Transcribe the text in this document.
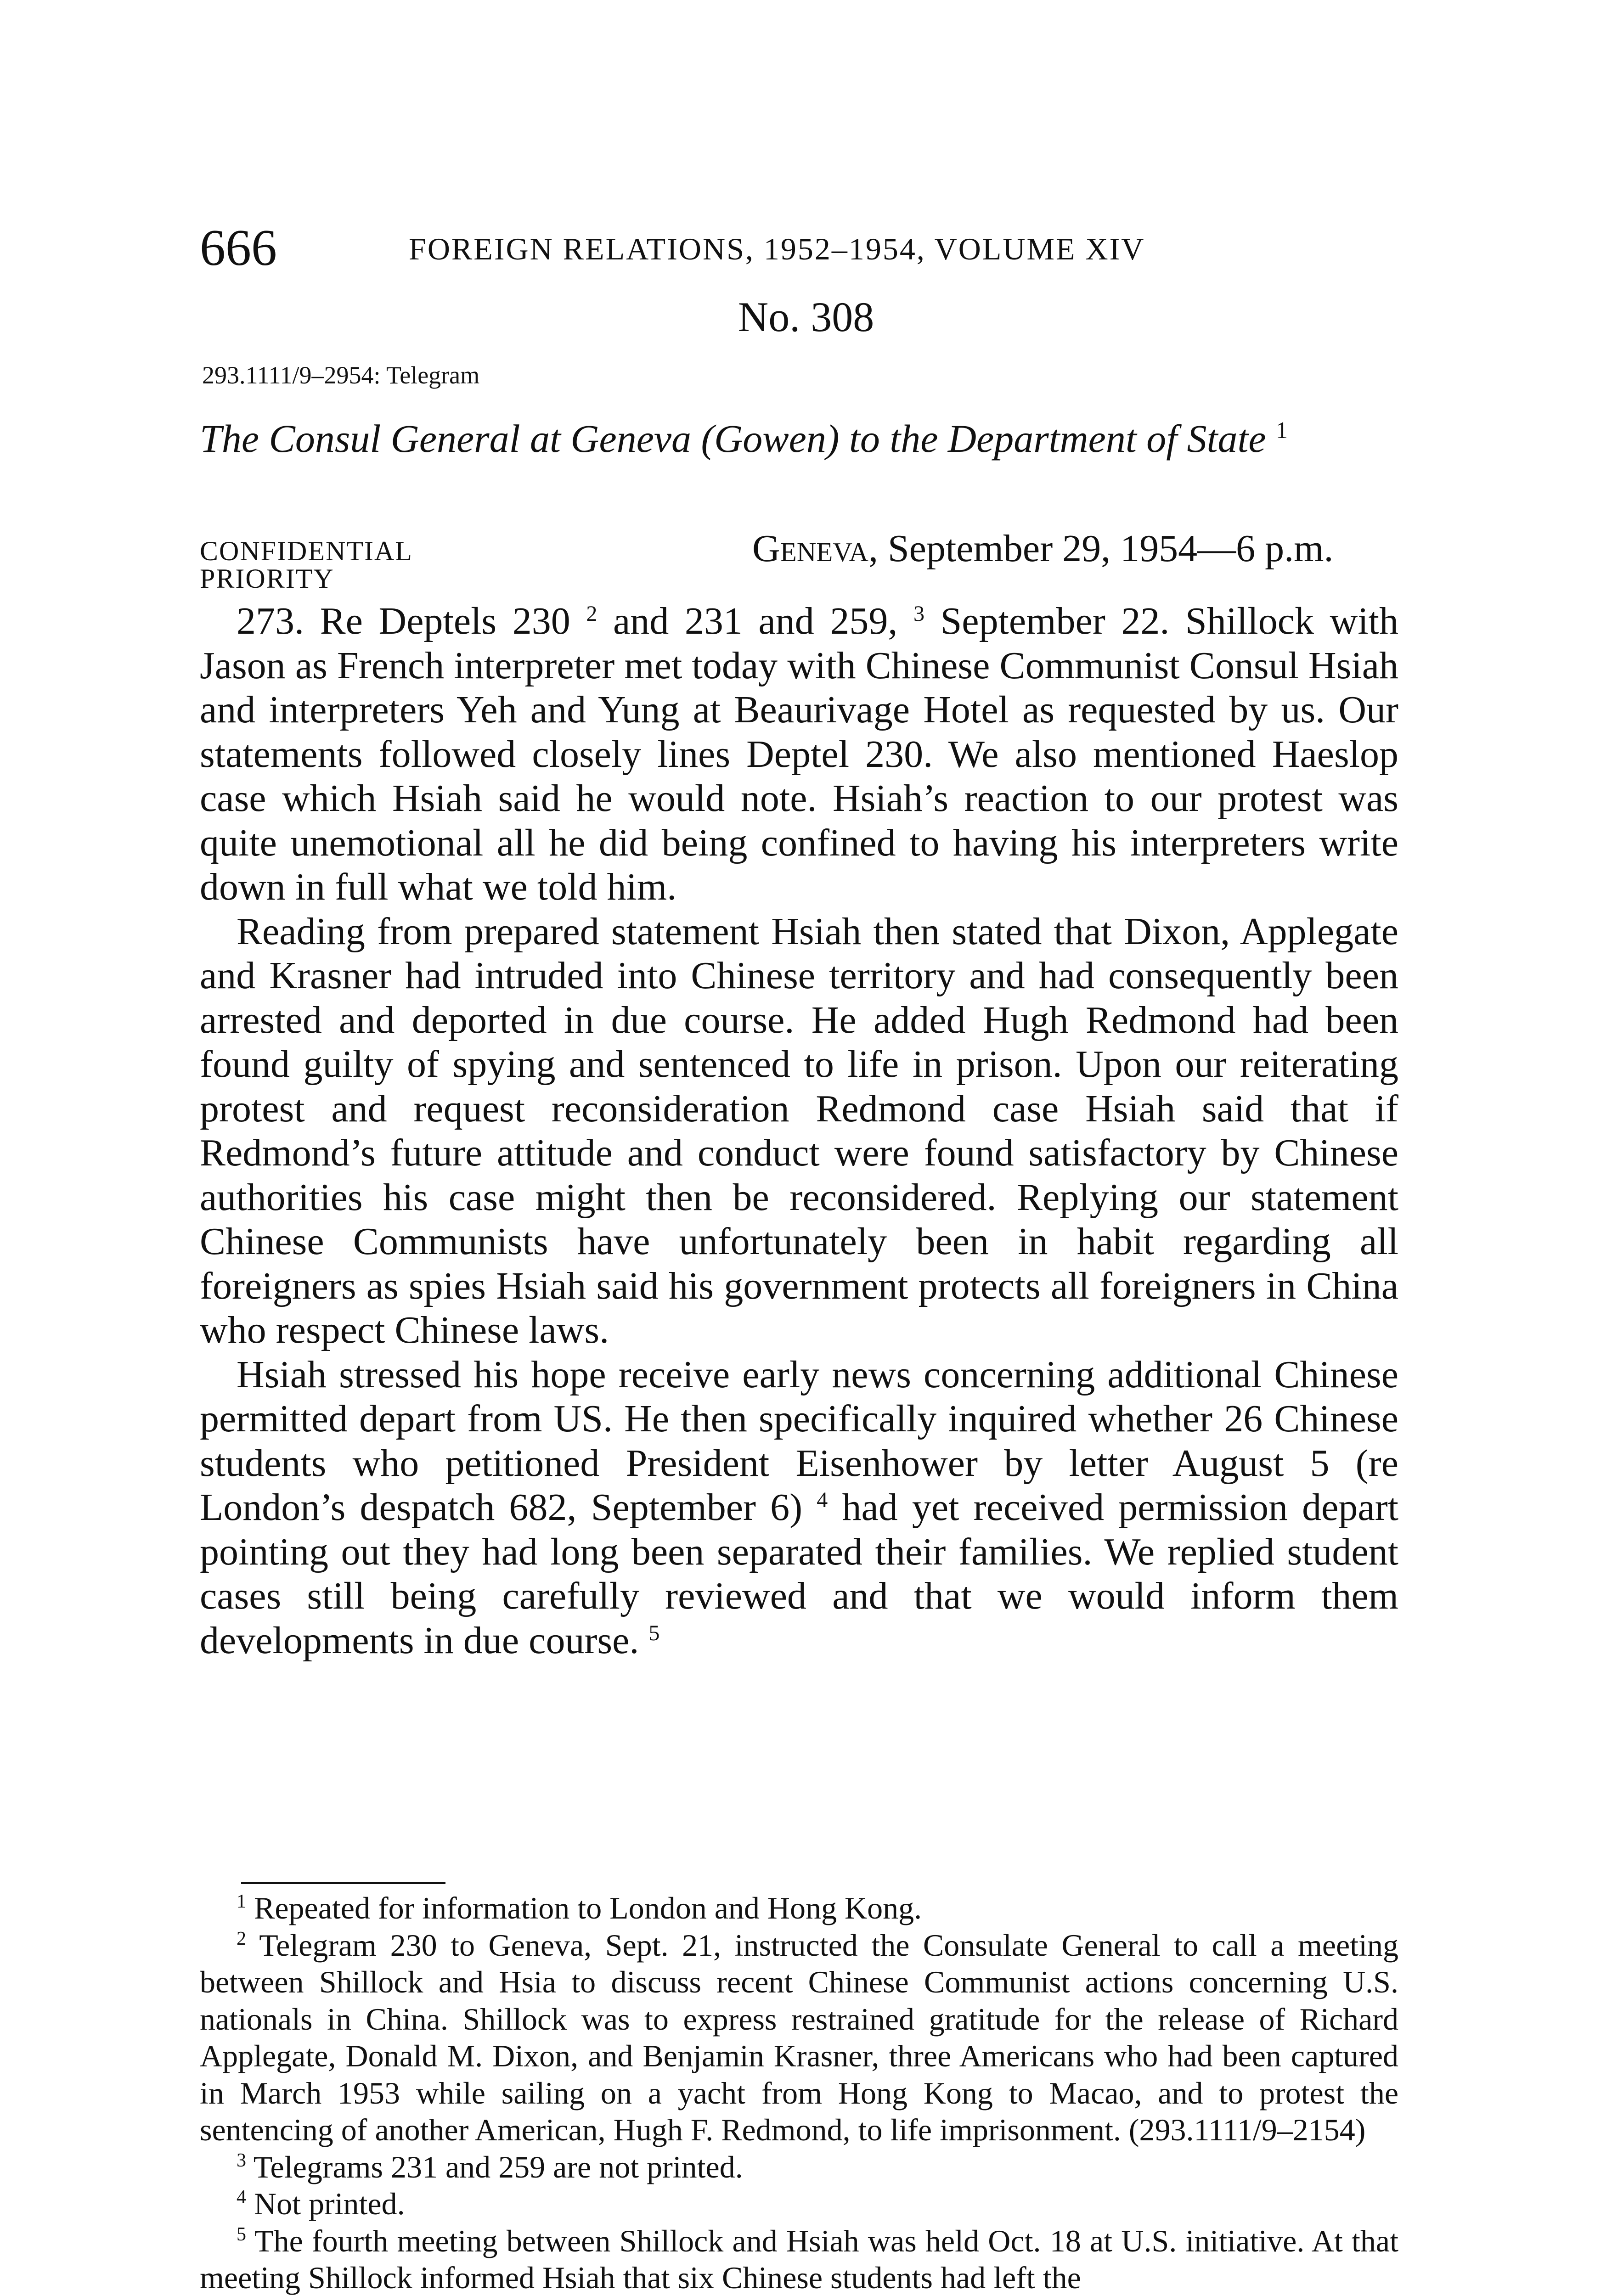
666	FOREIGN RELATIONS, 1952–1954, VOLUME XIV
No. 308
293.1111/9–2954: Telegram
The Consul General at Geneva (Gowen) to the Department of State $^1$
CONFIDENTIAL
PRIORITY
Geneva, September 29, 1954—6 p.m.

273. Re Deptels 230 $^2$ and 231 and 259, $^3$ September 22. Shillock with Jason as French interpreter met today with Chinese Communist Consul Hsiah and interpreters Yeh and Yung at Beaurivage Hotel as requested by us. Our statements followed closely lines Deptel 230. We also mentioned Haeslop case which Hsiah said he would note. Hsiah’s reaction to our protest was quite unemotional all he did being confined to having his interpreters write down in full what we told him.

Reading from prepared statement Hsiah then stated that Dixon, Applegate and Krasner had intruded into Chinese territory and had consequently been arrested and deported in due course. He added Hugh Redmond had been found guilty of spying and sentenced to life in prison. Upon our reiterating protest and request reconsideration Redmond case Hsiah said that if Redmond’s future attitude and conduct were found satisfactory by Chinese authorities his case might then be reconsidered. Replying our statement Chinese Communists have unfortunately been in habit regarding all foreigners as spies Hsiah said his government protects all foreigners in China who respect Chinese laws.

Hsiah stressed his hope receive early news concerning additional Chinese permitted depart from US. He then specifically inquired whether 26 Chinese students who petitioned President Eisenhower by letter August 5 (re London’s despatch 682, September 6) $^4$ had yet received permission depart pointing out they had long been separated their families. We replied student cases still being carefully reviewed and that we would inform them developments in due course. $^5$

$^1$ Repeated for information to London and Hong Kong.

$^2$ Telegram 230 to Geneva, Sept. 21, instructed the Consulate General to call a meeting between Shillock and Hsia to discuss recent Chinese Communist actions concerning U.S. nationals in China. Shillock was to express restrained gratitude for the release of Richard Applegate, Donald M. Dixon, and Benjamin Krasner, three Americans who had been captured in March 1953 while sailing on a yacht from Hong Kong to Macao, and to protest the sentencing of another American, Hugh F. Redmond, to life imprisonment. (293.1111/9–2154)

$^3$ Telegrams 231 and 259 are not printed.

$^4$ Not printed.

$^5$ The fourth meeting between Shillock and Hsiah was held Oct. 18 at U.S. initiative. At that meeting Shillock informed Hsiah that six Chinese students had left the
